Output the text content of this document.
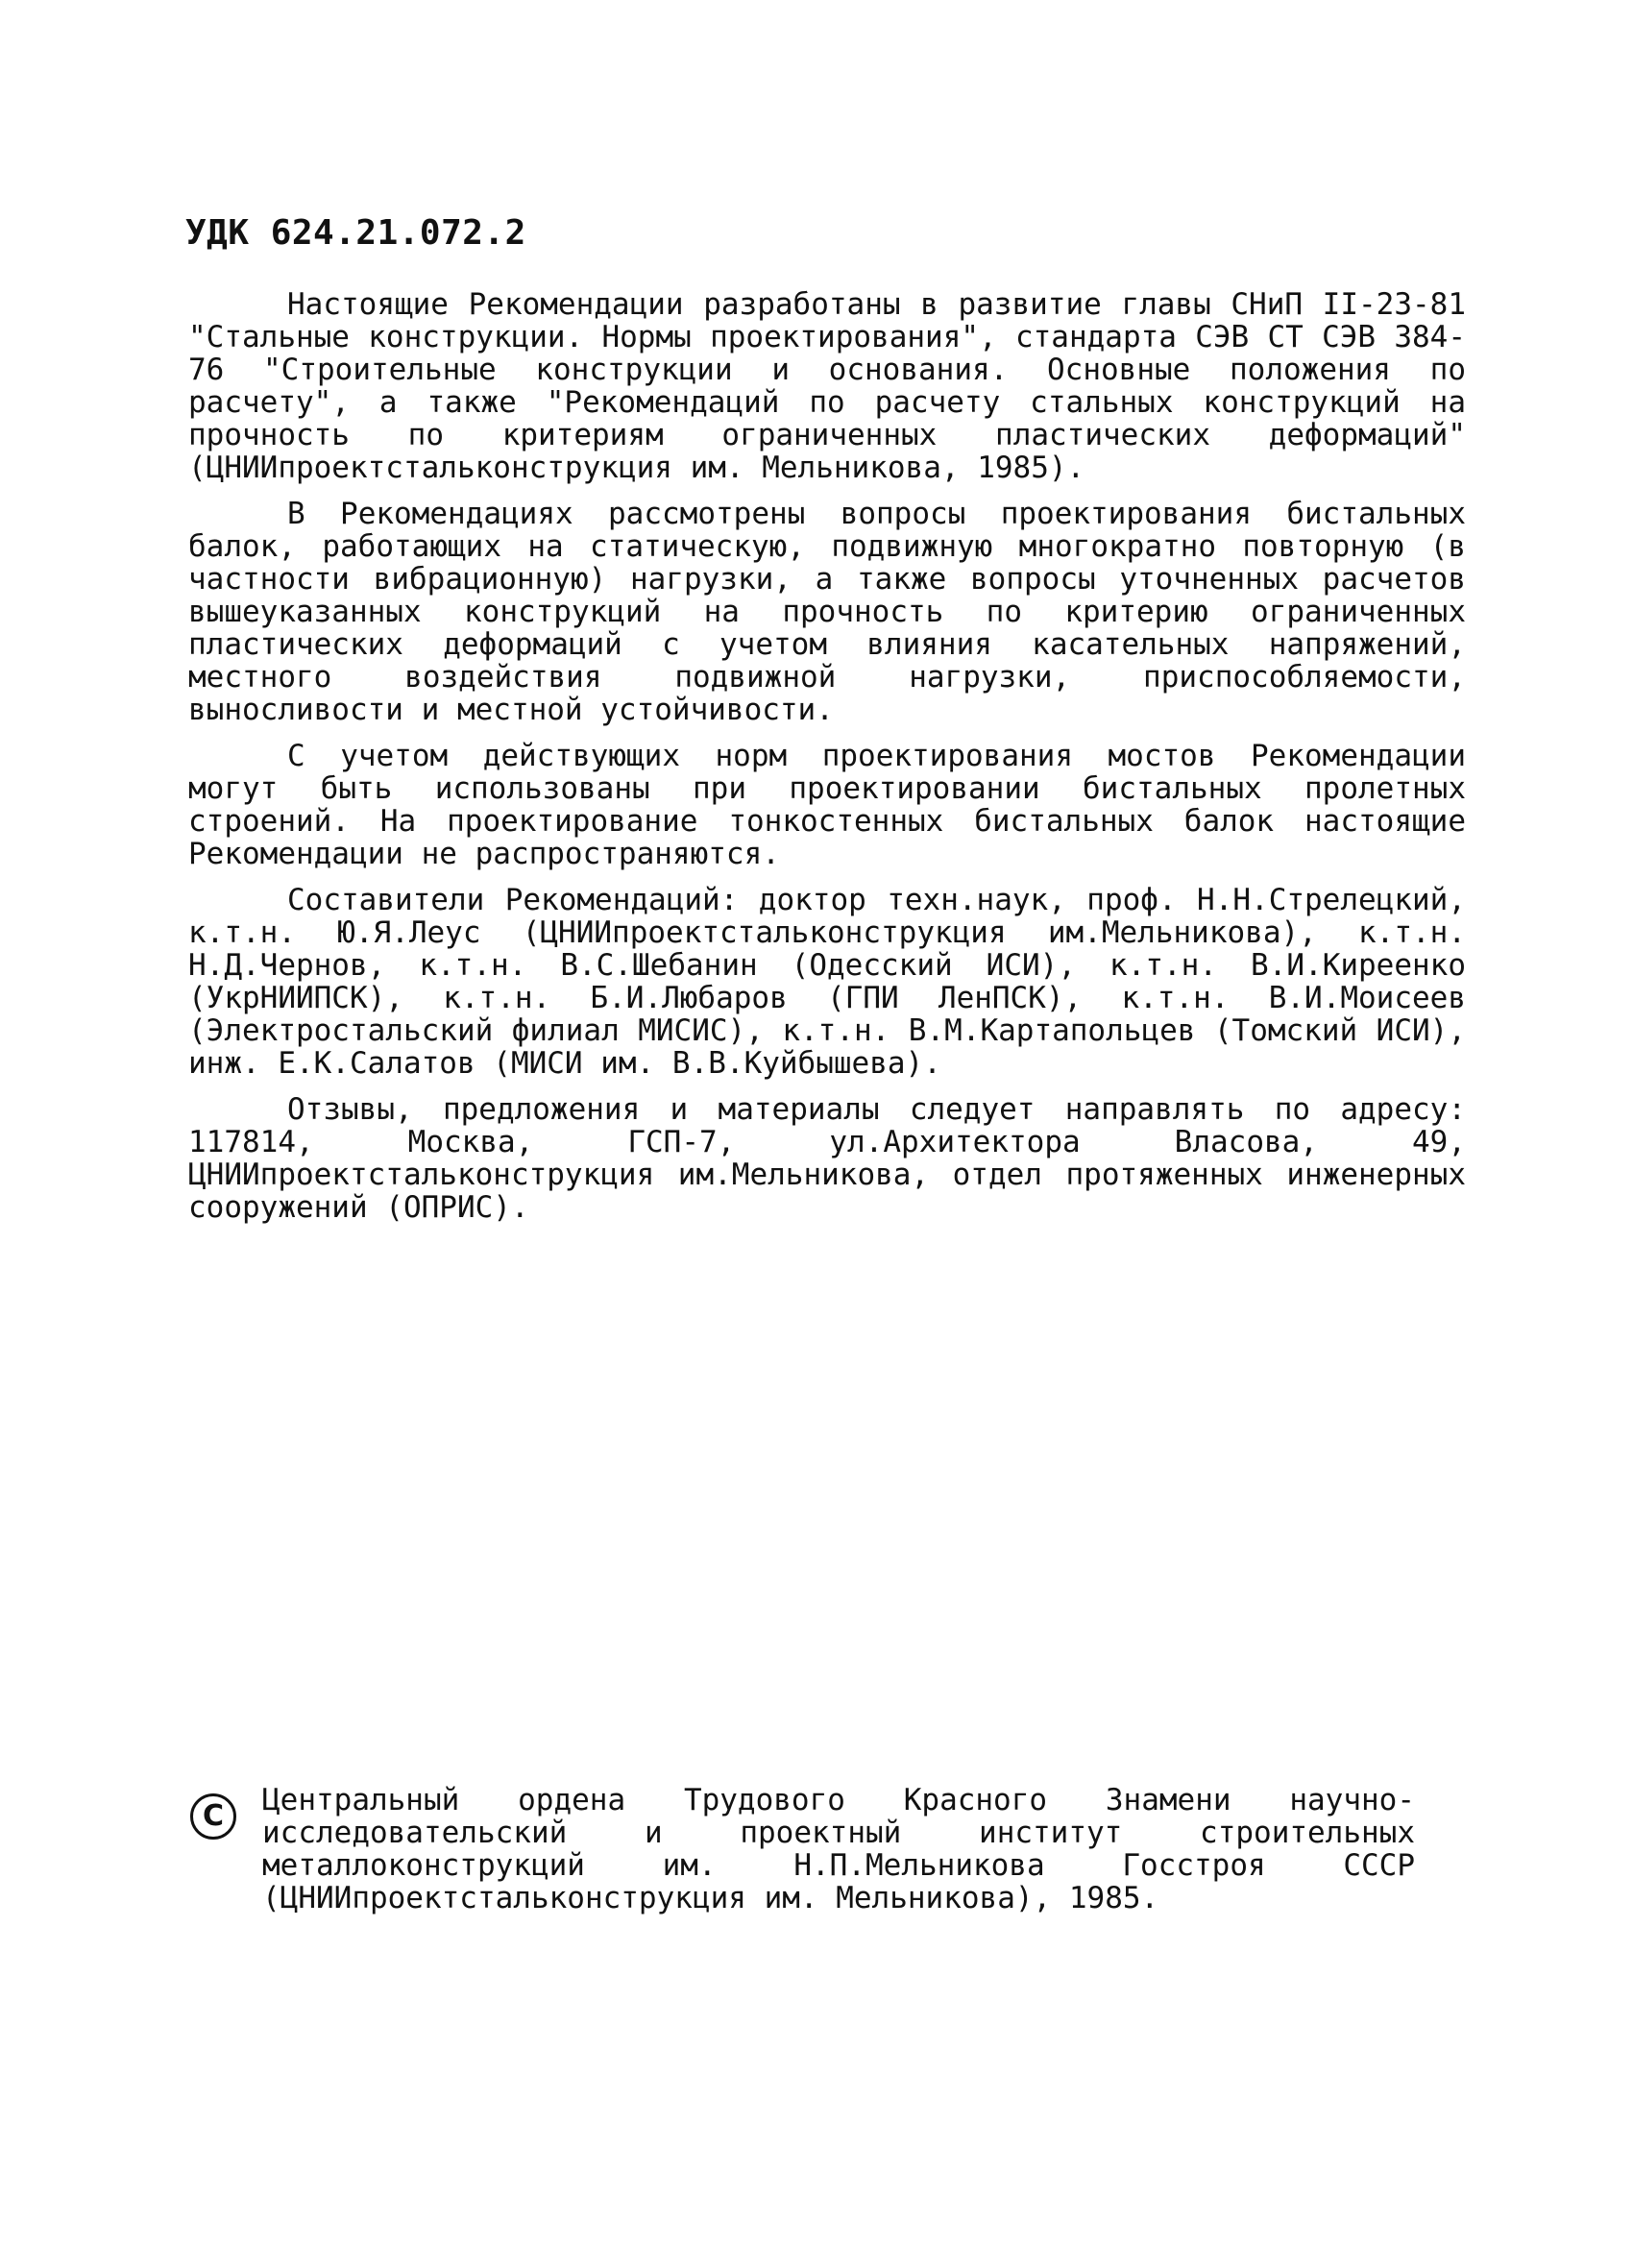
УДК 624.21.072.2

Настоящие Рекомендации разработаны в развитие главы СНиП II-23-81 "Стальные конструкции. Нормы проектирования", стандарта СЭВ СТ СЭВ 384-76 "Строительные конструкции и основания. Основные положения по расчету", а также "Рекомендаций по расчету стальных конструкций на прочность по критериям ограниченных пластических деформаций" (ЦНИИпроектстальконструкция им. Мельникова, 1985).

В Рекомендациях рассмотрены вопросы проектирования бистальных балок, работающих на статическую, подвижную многократно повторную (в частности вибрационную) нагрузки, а также вопросы уточненных расчетов вышеуказанных конструкций на прочность по критерию ограниченных пластических деформаций с учетом влияния касательных напряжений, местного воздействия подвижной нагрузки, приспособляемости, выносливости и местной устойчивости.

С учетом действующих норм проектирования мостов Рекомендации могут быть использованы при проектировании бистальных пролетных строений. На проектирование тонкостенных бистальных балок настоящие Рекомендации не распространяются.

Составители Рекомендаций: доктор техн.наук, проф. Н.Н.Стрелецкий, к.т.н. Ю.Я.Леус (ЦНИИпроектстальконструкция им.Мельникова), к.т.н. Н.Д.Чернов, к.т.н. В.С.Шебанин (Одесский ИСИ), к.т.н. В.И.Киреенко (УкрНИИПСК), к.т.н. Б.И.Любаров (ГПИ ЛенПСК), к.т.н. В.И.Моисеев (Электростальский филиал МИСИС), к.т.н. В.М.Картапольцев (Томский ИСИ), инж. Е.К.Салатов (МИСИ им. В.В.Куйбышева).

Отзывы, предложения и материалы следует направлять по адресу: 117814, Москва, ГСП-7, ул.Архитектора Власова, 49, ЦНИИпроектстальконструкция им.Мельникова, отдел протяженных инженерных сооружений (ОПРИС).

С	Центральный ордена Трудового Красного Знамени научно-исследовательский и проектный институт строительных металлоконструкций им. Н.П.Мельникова Госстроя СССР (ЦНИИпроектстальконструкция им. Мельникова), 1985.
